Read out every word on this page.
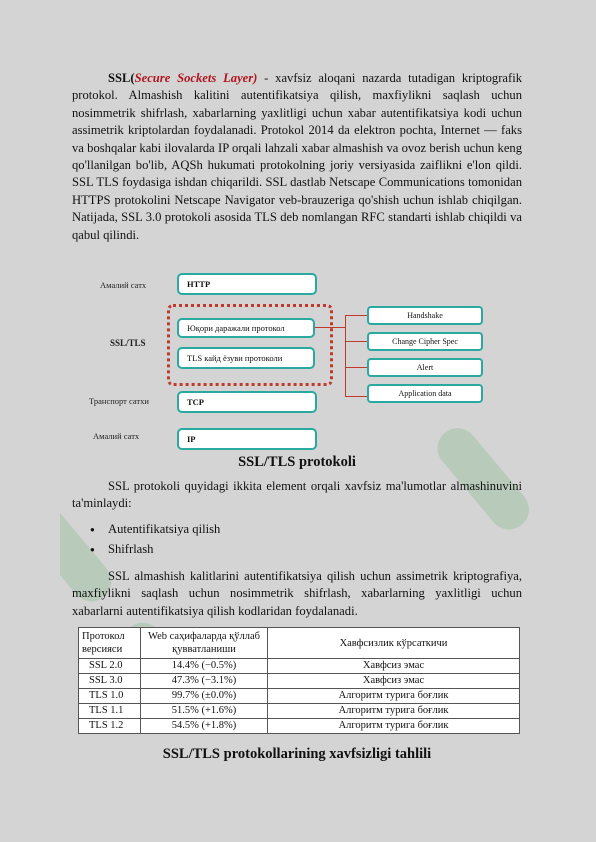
SSL(Secure Sockets Layer) - xavfsiz aloqani nazarda tutadigan kriptografik protokol. Almashish kalitini autentifikatsiya qilish, maxfiylikni saqlash uchun nosimmetrik shifrlash, xabarlarning yaxlitligi uchun xabar autentifikatsiya kodi uchun assimetrik kriptolardan foydalanadi. Protokol 2014 da elektron pochta, Internet — faks va boshqalar kabi ilovalarda IP orqali lahzali xabar almashish va ovoz berish uchun keng qo'llanilgan bo'lib, AQSh hukumati protokolning joriy versiyasida zaiflikni e'lon qildi. SSL TLS foydasiga ishdan chiqarildi. SSL dastlab Netscape Communications tomonidan HTTPS protokolini Netscape Navigator veb-brauzeriga qo'shish uchun ishlab chiqilgan. Natijada, SSL 3.0 protokoli asosida TLS deb nomlangan RFC standarti ishlab chiqildi va qabul qilindi.

Амалий сатх
SSL/TLS
Транспорт сатхи
Амалий сатх
HTTP
Юқори даражали протокол
TLS кайд ёзуви протоколи
TCP
IP
Handshake
Change Cipher Spec
Alert
Application data
SSL/TLS protokoli

SSL protokoli quyidagi ikkita element orqali xavfsiz ma'lumotlar almashinuvini ta'minlaydi:

● Autentifikatsiya qilish
● Shifrlash

SSL almashish kalitlarini autentifikatsiya qilish uchun assimetrik kriptografiya, maxfiylikni saqlash uchun nosimmetrik shifrlash, xabarlarning yaxlitligi uchun xabarlarni autentifikatsiya qilish kodlaridan foydalanadi.

Протокол версияси	Web саҳифаларда қўллаб қувватланиши	Хавфсизлик кўрсаткичи
SSL 2.0	14.4% (−0.5%)	Хавфсиз эмас
SSL 3.0	47.3% (−3.1%)	Хавфсиз эмас
TLS 1.0	99.7% (±0.0%)	Алгоритм турига боғлик
TLS 1.1	51.5% (+1.6%)	Алгоритм турига боғлик
TLS 1.2	54.5% (+1.8%)	Алгоритм турига боғлик
SSL/TLS protokollarining xavfsizligi tahlili
